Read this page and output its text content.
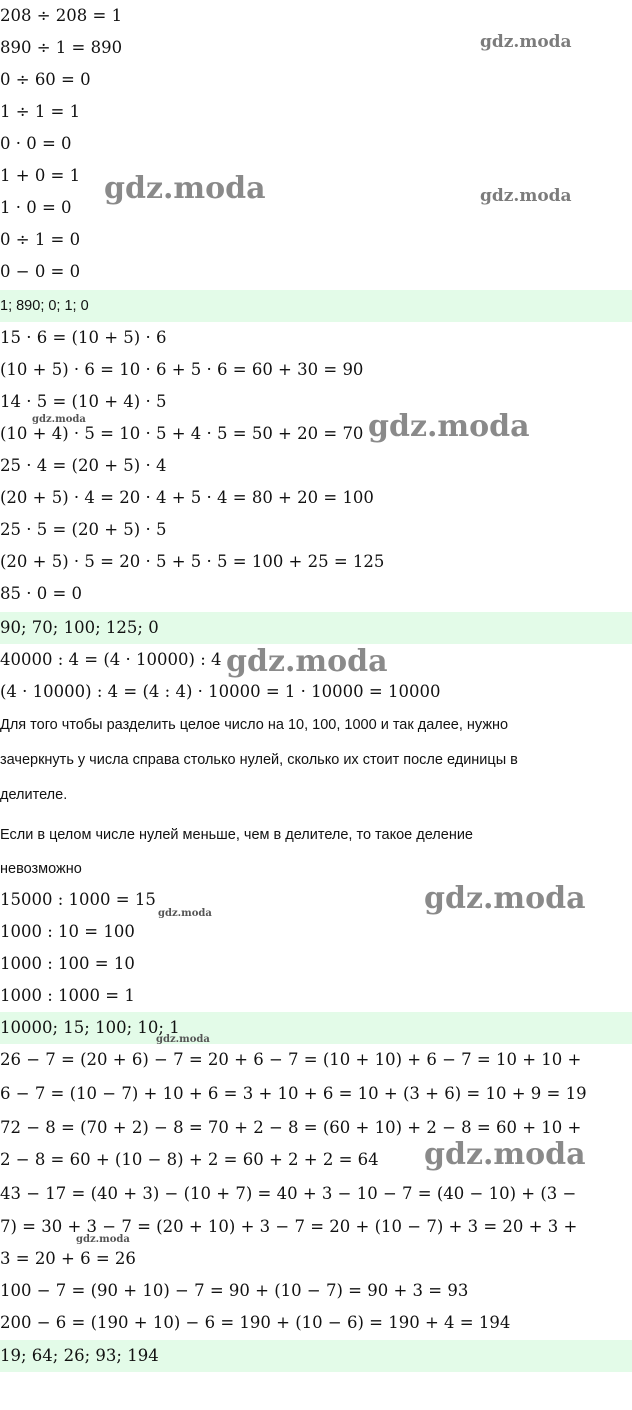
208 ÷ 208 = 1
890 ÷ 1 = 890
0 ÷ 60 = 0
1 ÷ 1 = 1
0 · 0 = 0
1 + 0 = 1
1 · 0 = 0
0 ÷ 1 = 0
0 − 0 = 0
1; 890; 0; 1; 0
15 · 6 = (10 + 5) · 6
(10 + 5) · 6 = 10 · 6 + 5 · 6 = 60 + 30 = 90
14 · 5 = (10 + 4) · 5
(10 + 4) · 5 = 10 · 5 + 4 · 5 = 50 + 20 = 70
25 · 4 = (20 + 5) · 4
(20 + 5) · 4 = 20 · 4 + 5 · 4 = 80 + 20 = 100
25 · 5 = (20 + 5) · 5
(20 + 5) · 5 = 20 · 5 + 5 · 5 = 100 + 25 = 125
85 · 0 = 0
90; 70; 100; 125; 0
40000 : 4 = (4 · 10000) : 4
(4 · 10000) : 4 = (4 : 4) · 10000 = 1 · 10000 = 10000
Для того чтобы разделить целое число на 10, 100, 1000 и так далее, нужно
зачеркнуть у числа справа столько нулей, сколько их стоит после единицы в
делителе.
Если в целом числе нулей меньше, чем в делителе, то такое деление
невозможно
15000 : 1000 = 15
1000 : 10 = 100
1000 : 100 = 10
1000 : 1000 = 1
10000; 15; 100; 10; 1
26 − 7 = (20 + 6) − 7 = 20 + 6 − 7 = (10 + 10) + 6 − 7 = 10 + 10 +
6 − 7 = (10 − 7) + 10 + 6 = 3 + 10 + 6 = 10 + (3 + 6) = 10 + 9 = 19
72 − 8 = (70 + 2) − 8 = 70 + 2 − 8 = (60 + 10) + 2 − 8 = 60 + 10 +
2 − 8 = 60 + (10 − 8) + 2 = 60 + 2 + 2 = 64
43 − 17 = (40 + 3) − (10 + 7) = 40 + 3 − 10 − 7 = (40 − 10) + (3 −
7) = 30 + 3 − 7 = (20 + 10) + 3 − 7 = 20 + (10 − 7) + 3 = 20 + 3 +
3 = 20 + 6 = 26
100 − 7 = (90 + 10) − 7 = 90 + (10 − 7) = 90 + 3 = 93
200 − 6 = (190 + 10) − 6 = 190 + (10 − 6) = 190 + 4 = 194
19; 64; 26; 93; 194
gdz.moda
gdz.moda	gdz.moda
gdz.moda	gdz.moda
gdz.moda
gdz.moda
gdz.moda
gdz.moda
gdz.moda
gdz.moda
